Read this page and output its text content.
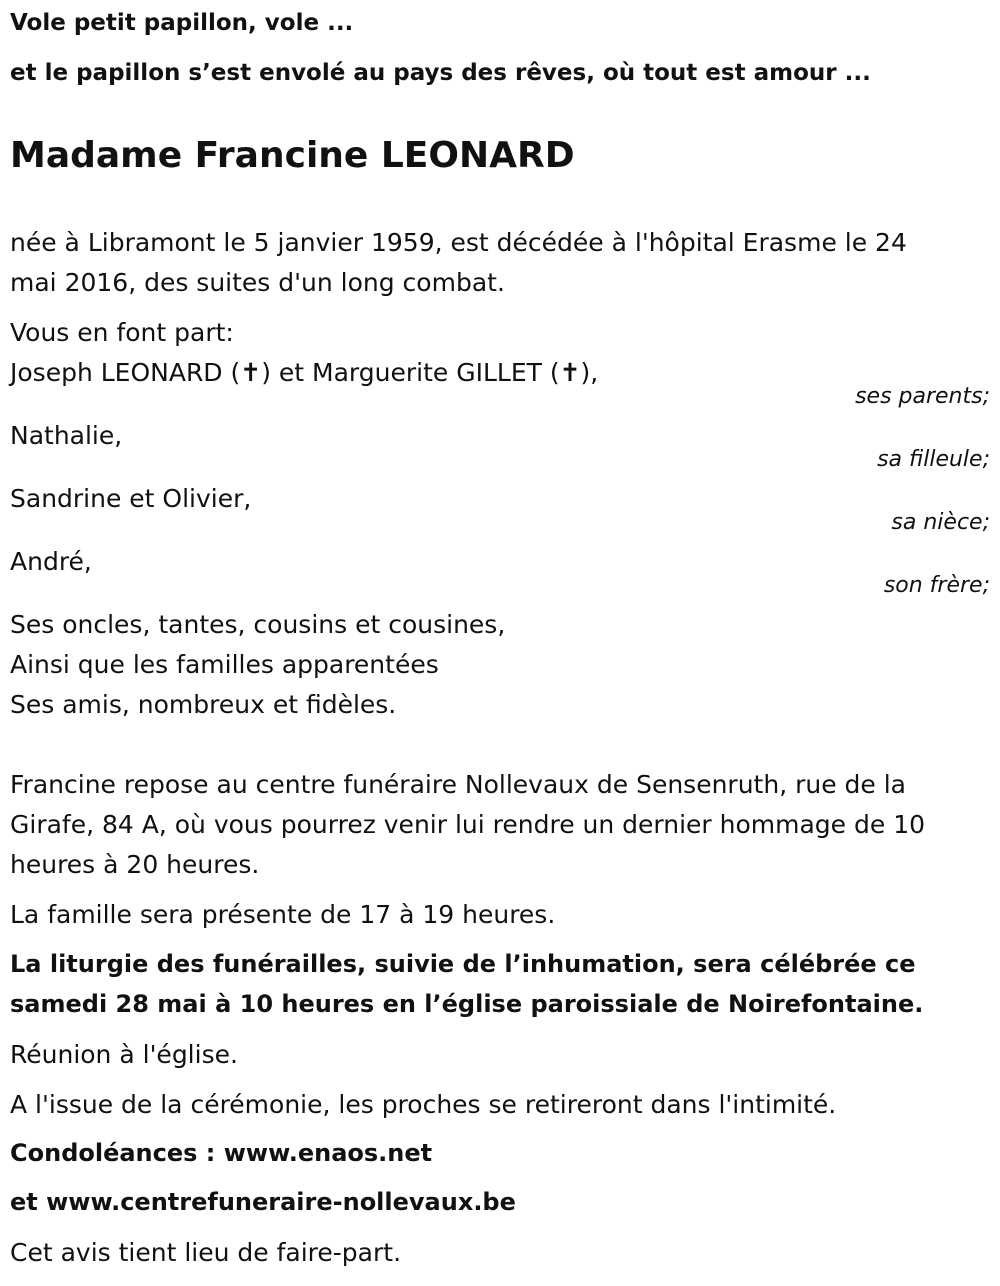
Vole petit papillon, vole ...
et le papillon s’est envolé au pays des rêves, où tout est amour ...
Madame Francine LEONARD
née à Libramont le 5 janvier 1959, est décédée à l'hôpital Erasme le 24
mai 2016, des suites d'un long combat.
Vous en font part:
Joseph LEONARD (✝) et Marguerite GILLET (✝),
ses parents;
Nathalie,
sa filleule;
Sandrine et Olivier,
sa nièce;
André,
son frère;
Ses oncles, tantes, cousins et cousines,
Ainsi que les familles apparentées
Ses amis, nombreux et fidèles.
Francine repose au centre funéraire Nollevaux de Sensenruth, rue de la
Girafe, 84 A, où vous pourrez venir lui rendre un dernier hommage de 10
heures à 20 heures.
La famille sera présente de 17 à 19 heures.
La liturgie des funérailles, suivie de l’inhumation, sera célébrée ce
samedi 28 mai à 10 heures en l’église paroissiale de Noirefontaine.
Réunion à l'église.
A l'issue de la cérémonie, les proches se retireront dans l'intimité.
Condoléances : www.enaos.net
et www.centrefuneraire-nollevaux.be
Cet avis tient lieu de faire-part.
